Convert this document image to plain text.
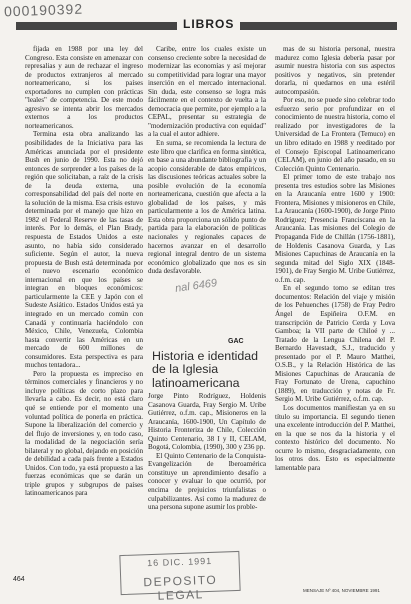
000190392
LIBROS

fijada en 1988 por una ley del Congreso. Esta consiste en amenazar con represalias y aun de rechazar el ingreso de productos extranjeros al mercado norteamericano, si los países exportadores no cumplen con prácticas "leales" de competencia. De este modo agresivo se intenta abrir los mercados externos a los productos norteamericanos.

Termina esta obra analizando las posibilidades de la Iniciativa para las Américas anunciada por el presidente Bush en junio de 1990. Esta no dejó entonces de sorprender a los países de la región que solicitaban, a raíz de la crisis de la deuda externa, una corresponsabilidad del país del norte en la solución de la misma. Esa crisis estuvo determinada por el manejo que hizo en 1982 el Federal Reserve de las tasas de interés. Por lo demás, el Plan Brady, respuesta de Estados Unidos a este asunto, no había sido considerado suficiente. Según el autor, la nueva propuesta de Bush está determinada por el nuevo escenario económico internacional en que los países se integran en bloques económicos: particularmente la CEE y Japón con el Sudeste Asiático. Estados Unidos está ya integrado en un mercado común con Canadá y continuaría haciéndolo con México, Chile, Venezuela, Colombia hasta convertir las Américas en un mercado de 600 millones de consumidores. Esta perspectiva es para muchos tentadora...

Pero la propuesta es impreciso en términos comerciales y financieros y no incluye políticas de corto plazo para llevarla a cabo. Es decir, no está claro qué se entiende por el momento una voluntad política de ponerla en práctica. Supone la liberalización del comercio y del flujo de inversiones y, en todo caso, la modalidad de la negociación sería bilateral y no global, dejando en posición de debilidad a cada país frente a Estados Unidos. Con todo, ya está propuesto a las fuerzas económicas que se darán un triple grupos y subgrupos de países latinoamericanos para

Caribe, entre los cuales existe un consenso creciente sobre la necesidad de modernizar las economías y así mejorar su competitividad para lograr una mayor inserción en el mercado internacional. Sin duda, este consenso se logra más fácilmente en el contexto de vuelta a la democracia que permite, por ejemplo a la CEPAL, presentar su estrategia de "modernización productiva con equidad" a la cual el autor adhiere.

En suma, se recomienda la lectura de este libro que clarifica en forma sintética, en base a una abundante bibliografía y un acopio considerable de datos empíricos, las discusiones teóricas actuales sobre la posible evolución de la economía norteamericana, cuestión que afecta a la globalidad de los países, y más particularmente a los de América latina. Esta obra proporciona un sólido punto de partida para la elaboración de políticas nacionales y regionales capaces de hacernos avanzar en el desarrollo regional integral dentro de un sistema económico globalizado que nos es sin duda desfavorable.

nal 6469
GAC
Historia e identidad de la Iglesia latinoamericana

Jorge Pinto Rodríguez, Holdenis Casanova Guarda, Fray Sergio M. Uribe Gutiérrez, o.f.m. cap., Misioneros en la Araucanía, 1600-1900, Un Capítulo de Historia Fronteriza de Chile, Colección Quinto Centenario, 38 I y II, CELAM, Bogotá, Colombia, (1990), 300 y 236 pp.

El Quinto Centenario de la Conquista-Evangelización de Iberoamérica constituye un aprendimiento desafío a conocer y evaluar lo que ocurrió, por encima de prejuicios triunfalistas o culpabilizantes. Así como la madurez de una persona supone asumir los proble-

mas de su historia personal, nuestra madurez como Iglesia debería pasar por asumir nuestra historia con sus aspectos positivos y negativos, sin pretender dorarla, ni quedarnos en una estéril autocompasión.

Por eso, no se puede sino celebrar todo esfuerzo serio por profundizar en el conocimiento de nuestra historia, como el realizado por investigadores de la Universidad de La Frontera (Temuco) en un libro editado en 1988 y reeditado por el Consejo Episcopal Latinoamericano (CELAM), en junio del año pasado, en su Colección Quinto Centenario.

El primer tomo de este trabajo nos presenta tres estudios sobre las Misiones en la Araucanía entre 1600 y 1900: Frontera, Misiones y misioneros en Chile, La Araucanía (1600-1900), de Jorge Pinto Rodríguez; Presencia Franciscana en la Araucanía. Las misiones del Colegio de Propaganda Fide de Chillán (1756-1881), de Holdenis Casanova Guarda, y Las Misiones Capuchinas de Araucanía en la segunda mitad del Siglo XIX (1848-1901), de Fray Sergio M. Uribe Gutiérrez, o.f.m. cap.

En el segundo tomo se editan tres documentos: Relación del viaje y misión de los Pehuenches (1758) de Fray Pedro Ángel de Espiñeira O.F.M. en transcripción de Patricio Cerda y Lova Gamboa; la VII parte de Chiloé y ... Tratado de la Lengua Chilena del P. Bernardo Havestadt, S.J., traducido y presentado por el P. Mauro Matthei, O.S.B., y la Relación Histórica de las Misiones Capuchinas de Araucanía de Fray Fortunato de Urena, capuchino (1889), en traducción y notas de Fr. Sergio M. Uribe Gutiérrez, o.f.m. cap.

Los documentos manifiestan ya en su título su importancia. El segundo tienen una excelente introducción del P. Matthei, en la que se nos da la historia y el contexto histórico del documento. No ocurre lo mismo, desgraciadamente, con los otros dos. Esto es especialmente lamentable para

16 DIC. 1991
DEPOSITO LEGAL
464
MENSAJE Nº 404, NOVIEMBRE 1991
